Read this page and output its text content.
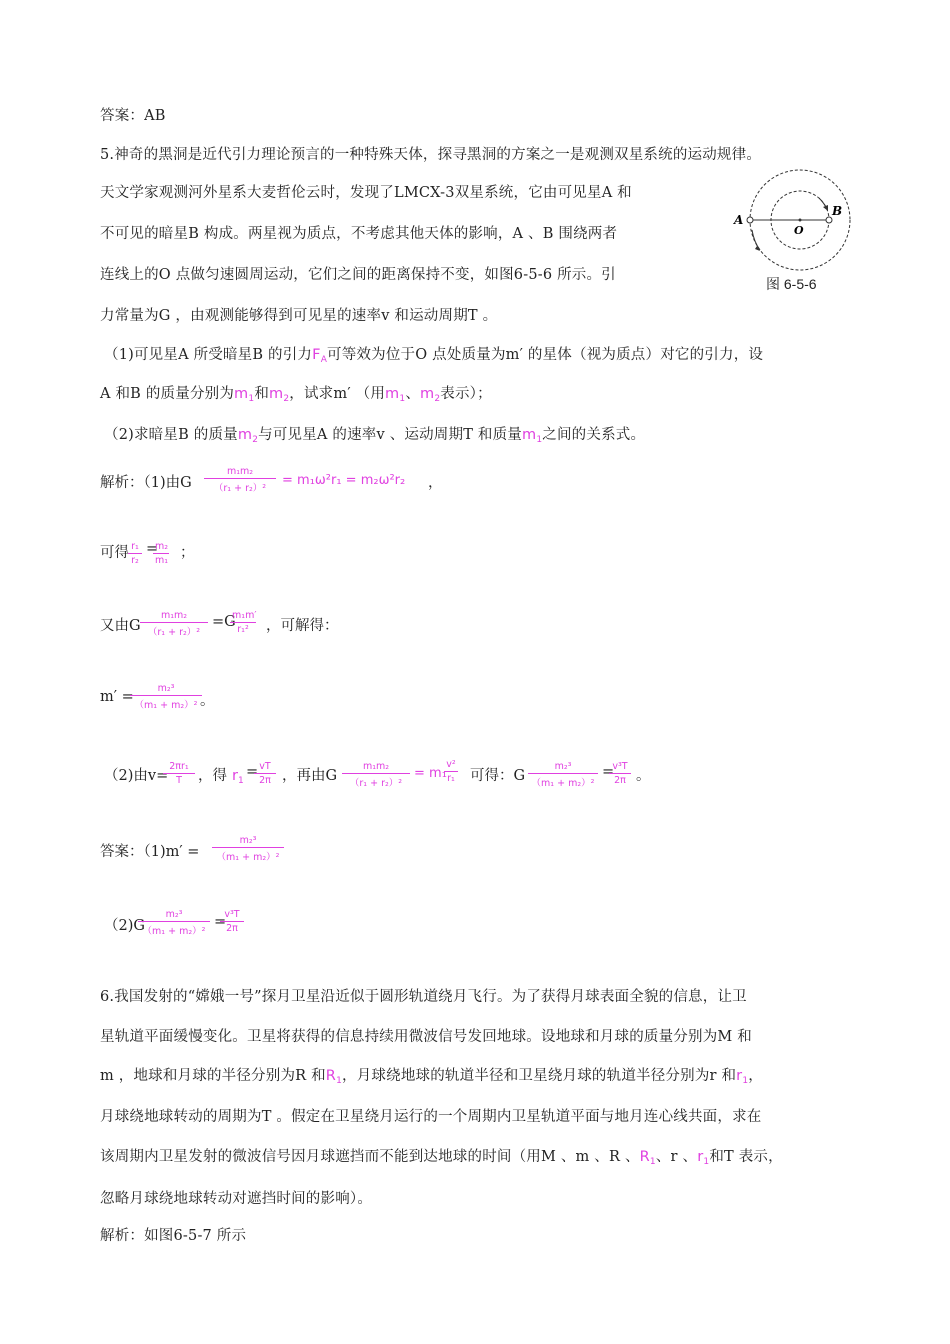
答案：AB
5.神奇的黑洞是近代引力理论预言的一种特殊天体，探寻黑洞的方案之一是观测双星系统的运动规律。
天文学家观测河外星系大麦哲伦云时，发现了LMCX-3双星系统，它由可见星A 和
不可见的暗星B 构成。两星视为质点，不考虑其他天体的影响，A 、B 围绕两者
连线上的O 点做匀速圆周运动，它们之间的距离保持不变，如图6-5-6 所示。引
力常量为G ，由观测能够得到可见星的速率v 和运动周期T 。
A
B
O
图 6-5-6
（1)可见星A 所受暗星B 的引力$F_A$可等效为位于O 点处质量为m′ 的星体（视为质点）对它的引力，设
A 和B 的质量分别为$m_1$和$m_2$，试求m′ （用$m_1$、$m_2$表示）；
（2)求暗星B 的质量$m_2$与可见星A 的速率v 、运动周期T 和质量$m_1$之间的关系式。
解析：（1)由G
m₁m₂
（r₁ + r₂）²
= m₁ω²r₁ = m₂ω²r₂ ，
可得 r₁
r₂
=
m₂
m₁ ；
又由G
m₁m₂
（r₁ + r₂）²
=G
m₁m′
r₁²	，可解得：
m′ =
m₂³
（m₁ + m₂）² 。
（2)由v=
2πr₁
T	，得 $r_1$
= vT
2π ，再由G
m₁m₂
（r₁ + r₂）²
= m₁
v²
r₁ 可得：G
m₂³
（m₁ + m₂）²
=
v³T
2π 。
答案：（1)m′ =
m₂³
（m₁ + m₂）²
（2)G
m₂³
（m₁ + m₂）²
=
v³T
2π
6.我国发射的“嫦娥一号”探月卫星沿近似于圆形轨道绕月飞行。为了获得月球表面全貌的信息，让卫
星轨道平面缓慢变化。卫星将获得的信息持续用微波信号发回地球。设地球和月球的质量分别为M 和
m ，地球和月球的半径分别为R 和$R_1$，月球绕地球的轨道半径和卫星绕月球的轨道半径分别为r 和$r_1$，
月球绕地球转动的周期为T 。假定在卫星绕月运行的一个周期内卫星轨道平面与地月连心线共面，求在
该周期内卫星发射的微波信号因月球遮挡而不能到达地球的时间（用M 、m 、R 、$R_1$、r 、$r_1$和T 表示，
忽略月球绕地球转动对遮挡时间的影响）。
解析：如图6-5-7 所示
